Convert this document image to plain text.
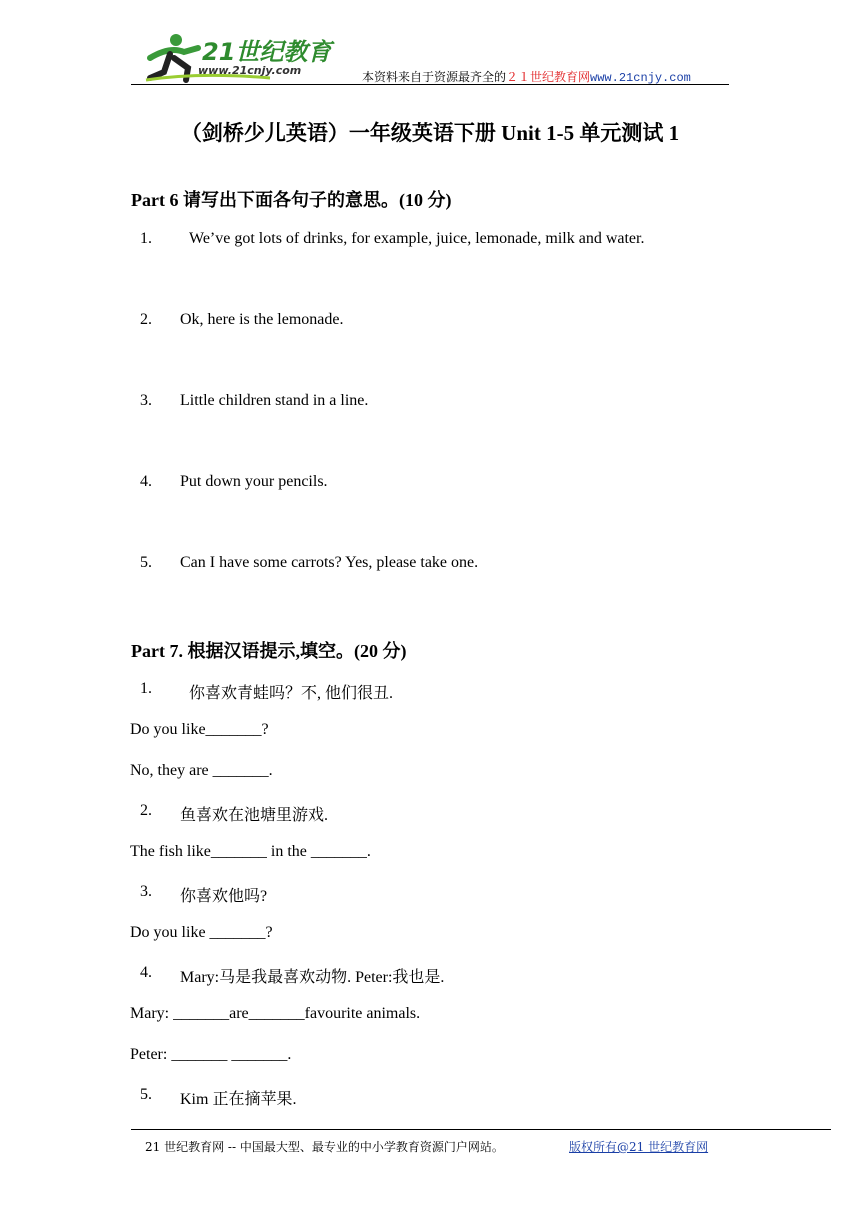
21世纪教育
www.21cnjy.com	本资料来自于资源最齐全的２１世纪教育网www.21cnjy.com
（剑桥少儿英语）一年级英语下册 Unit 1-5 单元测试 1
Part 6 请写出下面各句子的意思。(10 分)
1. We’ve got lots of drinks, for example, juice, lemonade, milk and water.
2. Ok, here is the lemonade.
3. Little children stand in a line.
4. Put down your pencils.
5. Can I have some carrots? Yes, please take one.
Part 7. 根据汉语提示,填空。(20 分)
1. 你喜欢青蛙吗？不, 他们很丑.
Do you like_______?
No, they are _______.
2. 鱼喜欢在池塘里游戏.
The fish like_______ in the _______.
3. 你喜欢他吗?
Do you like _______?
4. Mary:马是我最喜欢动物. Peter:我也是.
Mary: _______are_______favourite animals.
Peter: _______ _______.
5. Kim 正在摘苹果.
21 世纪教育网 -- 中国最大型、最专业的中小学教育资源门户网站。	版权所有@21 世纪教育网
